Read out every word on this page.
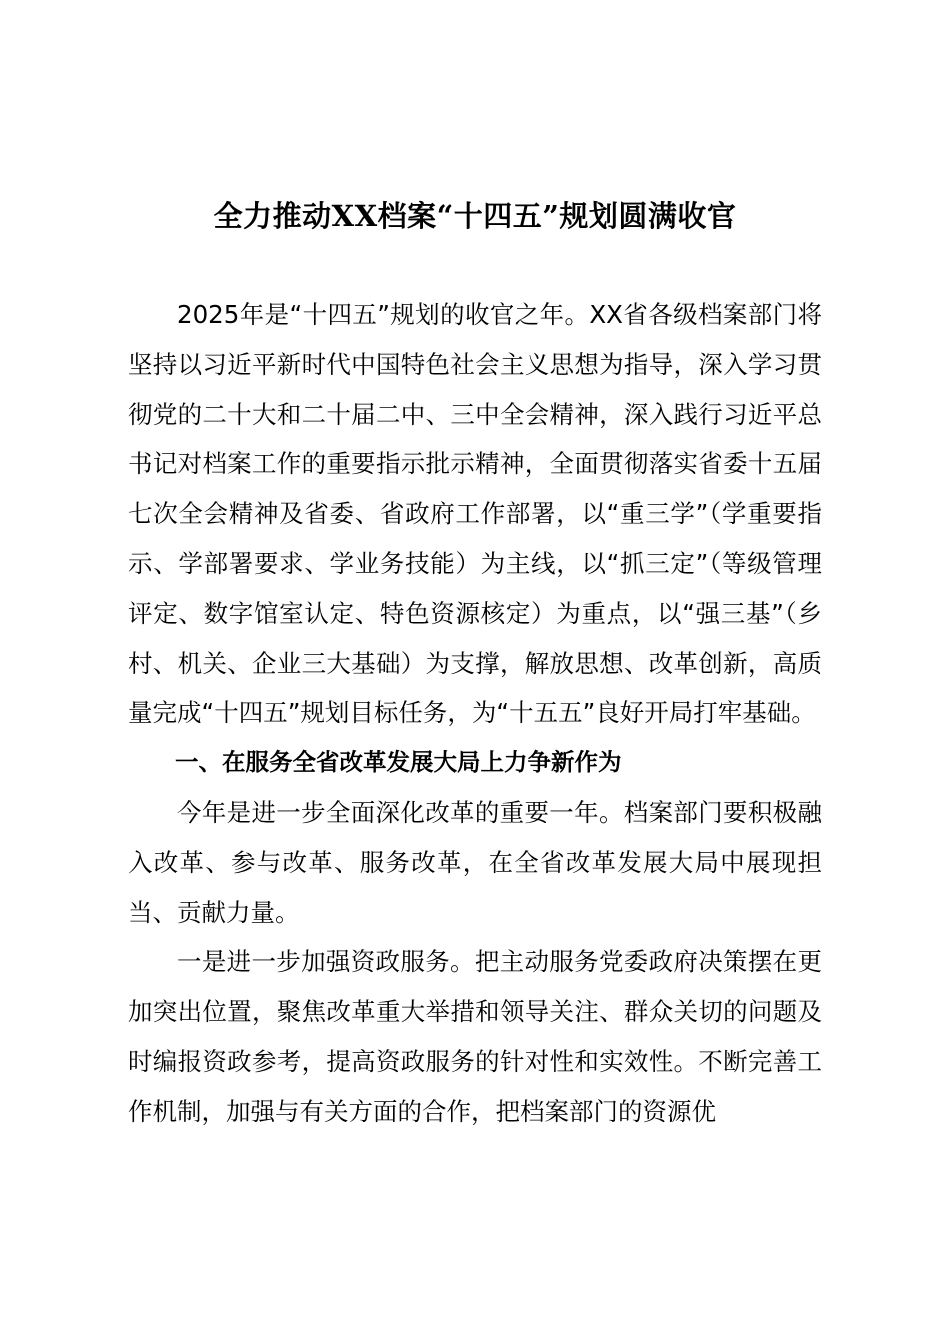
全力推动XX档案“十四五”规划圆满收官

2025年是“十四五”规划的收官之年。XX省各级档案部门将坚持以习近平新时代中国特色社会主义思想为指导，深入学习贯彻党的二十大和二十届二中、三中全会精神，深入践行习近平总书记对档案工作的重要指示批示精神，全面贯彻落实省委十五届七次全会精神及省委、省政府工作部署，以“重三学”（学重要指示、学部署要求、学业务技能）为主线，以“抓三定”（等级管理评定、数字馆室认定、特色资源核定）为重点，以“强三基”（乡村、机关、企业三大基础）为支撑，解放思想、改革创新，高质量完成“十四五”规划目标任务，为“十五五”良好开局打牢基础。

一、在服务全省改革发展大局上力争新作为

今年是进一步全面深化改革的重要一年。档案部门要积极融入改革、参与改革、服务改革，在全省改革发展大局中展现担当、贡献力量。

一是进一步加强资政服务。把主动服务党委政府决策摆在更加突出位置，聚焦改革重大举措和领导关注、群众关切的问题及时编报资政参考，提高资政服务的针对性和实效性。不断完善工作机制，加强与有关方面的合作，把档案部门的资源优
